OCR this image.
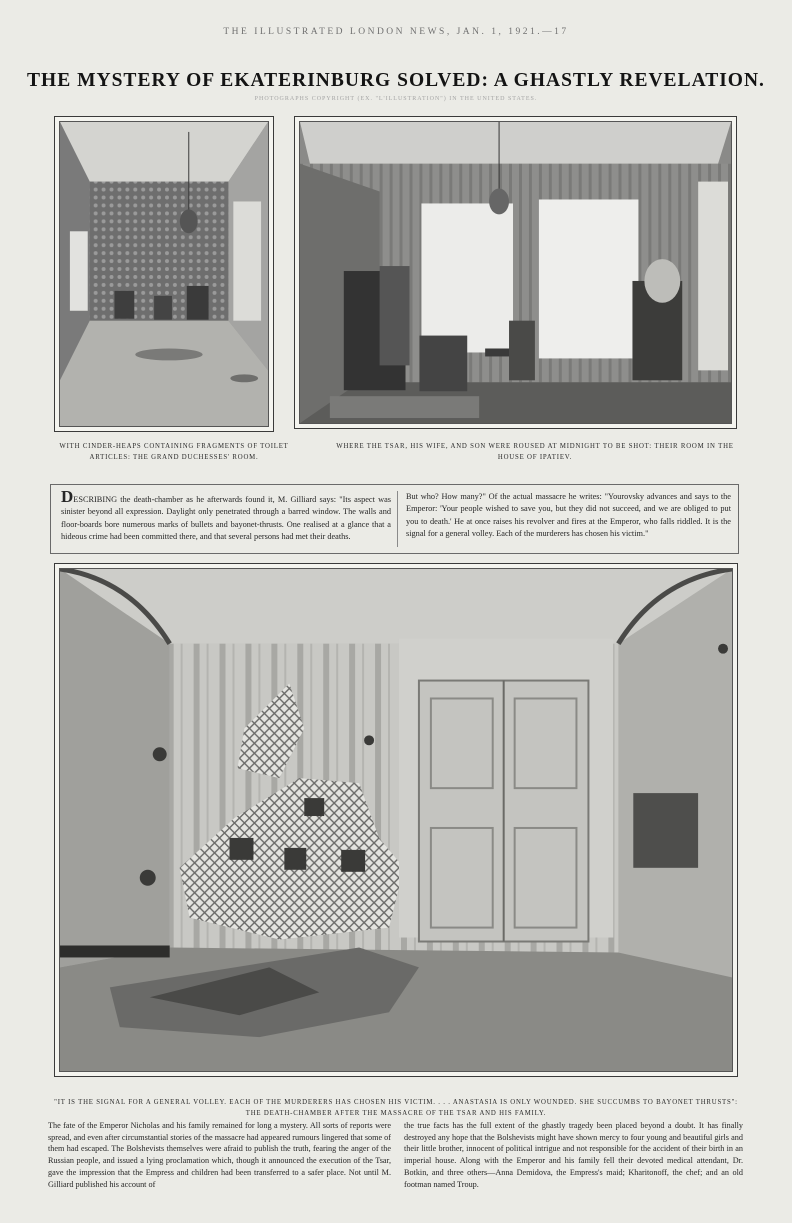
THE ILLUSTRATED LONDON NEWS, JAN. 1, 1921.—17
THE MYSTERY OF EKATERINBURG SOLVED: A GHASTLY REVELATION.
PHOTOGRAPHS COPYRIGHT (EX. "L'ILLUSTRATION") IN THE UNITED STATES.
WITH CINDER-HEAPS CONTAINING FRAGMENTS OF TOILET ARTICLES: THE GRAND DUCHESSES' ROOM.
WHERE THE TSAR, HIS WIFE, AND SON WERE ROUSED AT MIDNIGHT TO BE SHOT: THEIR ROOM IN THE HOUSE OF IPATIEV.
DESCRIBING the death-chamber as he afterwards found it, M. Gilliard says: "Its aspect was sinister beyond all expression. Daylight only penetrated through a barred window. The walls and floor-boards bore numerous marks of bullets and bayonet-thrusts. One realised at a glance that a hideous crime had been committed there, and that several persons had met their deaths.
But who? How many?" Of the actual massacre he writes: "Yourovsky advances and says to the Emperor: 'Your people wished to save you, but they did not succeed, and we are obliged to put you to death.' He at once raises his revolver and fires at the Emperor, who falls riddled. It is the signal for a general volley. Each of the murderers has chosen his victim."
"IT IS THE SIGNAL FOR A GENERAL VOLLEY. EACH OF THE MURDERERS HAS CHOSEN HIS VICTIM. . . . ANASTASIA IS ONLY WOUNDED. SHE SUCCUMBS TO BAYONET THRUSTS": THE DEATH-CHAMBER AFTER THE MASSACRE OF THE TSAR AND HIS FAMILY.
The fate of the Emperor Nicholas and his family remained for long a mystery. All sorts of reports were spread, and even after circumstantial stories of the massacre had appeared rumours lingered that some of them had escaped. The Bolshevists themselves were afraid to publish the truth, fearing the anger of the Russian people, and issued a lying proclamation which, though it announced the execution of the Tsar, gave the impression that the Empress and children had been transferred to a safer place. Not until M. Gilliard published his account of
the true facts has the full extent of the ghastly tragedy been placed beyond a doubt. It has finally destroyed any hope that the Bolshevists might have shown mercy to four young and beautiful girls and their little brother, innocent of political intrigue and not responsible for the accident of their birth in an imperial house. Along with the Emperor and his family fell their devoted medical attendant, Dr. Botkin, and three others—Anna Demidova, the Empress's maid; Kharitonoff, the chef; and an old footman named Troup.
